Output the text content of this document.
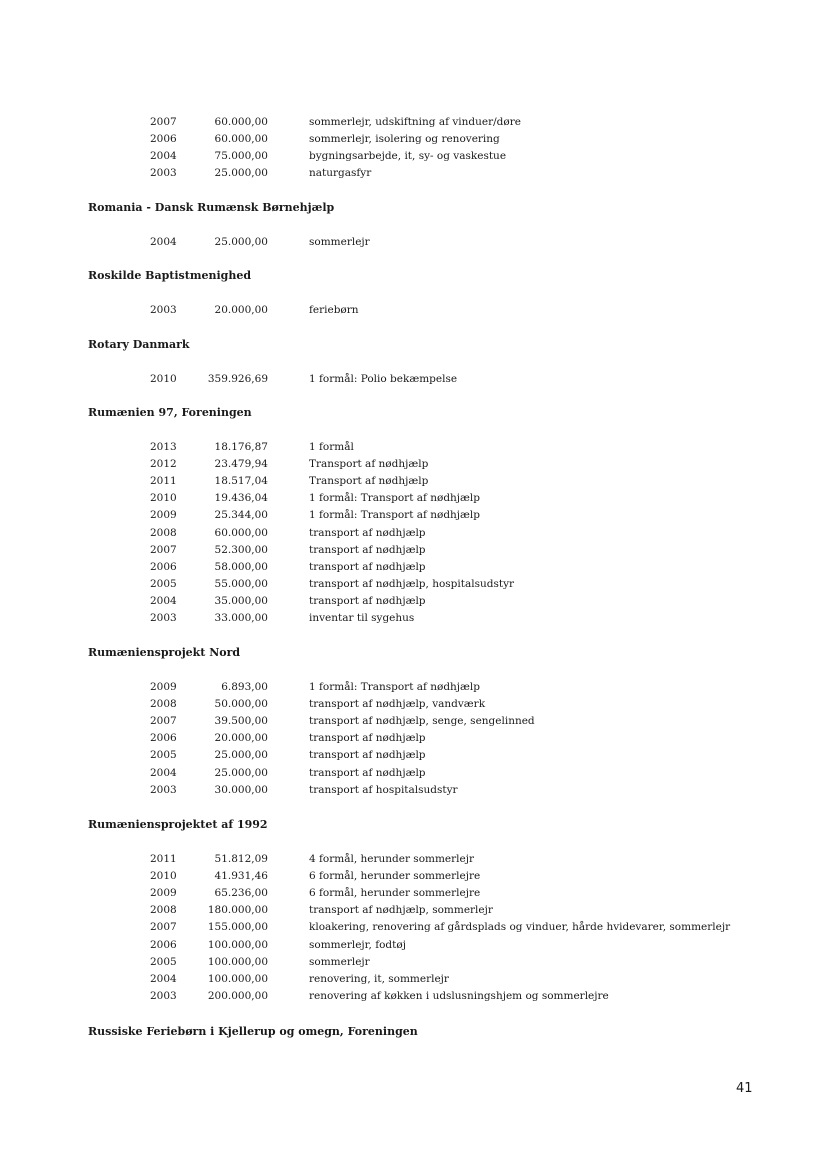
2007	60.000,00	sommerlejr, udskiftning af vinduer/døre
2006	60.000,00	sommerlejr, isolering og renovering
2004	75.000,00	bygningsarbejde, it, sy- og vaskestue
2003	25.000,00	naturgasfyr
Romania - Dansk Rumænsk Børnehjælp
2004	25.000,00	sommerlejr
Roskilde Baptistmenighed
2003	20.000,00	feriebørn
Rotary Danmark
2010	359.926,69	1 formål: Polio bekæmpelse
Rumænien 97, Foreningen
2013	18.176,87	1 formål
2012	23.479,94	Transport af nødhjælp
2011	18.517,04	Transport af nødhjælp
2010	19.436,04	1 formål: Transport af nødhjælp
2009	25.344,00	1 formål: Transport af nødhjælp
2008	60.000,00	transport af nødhjælp
2007	52.300,00	transport af nødhjælp
2006	58.000,00	transport af nødhjælp
2005	55.000,00	transport af nødhjælp, hospitalsudstyr
2004	35.000,00	transport af nødhjælp
2003	33.000,00	inventar til sygehus
Rumæniensprojekt Nord
2009	6.893,00	1 formål: Transport af nødhjælp
2008	50.000,00	transport af nødhjælp, vandværk
2007	39.500,00	transport af nødhjælp, senge, sengelinned
2006	20.000,00	transport af nødhjælp
2005	25.000,00	transport af nødhjælp
2004	25.000,00	transport af nødhjælp
2003	30.000,00	transport af hospitalsudstyr
Rumæniensprojektet af 1992
2011	51.812,09	4 formål, herunder sommerlejr
2010	41.931,46	6 formål, herunder sommerlejre
2009	65.236,00	6 formål, herunder sommerlejre
2008	180.000,00	transport af nødhjælp, sommerlejr
2007	155.000,00	kloakering, renovering af gårdsplads og vinduer, hårde hvidevarer, sommerlejr
2006	100.000,00	sommerlejr, fodtøj
2005	100.000,00	sommerlejr
2004	100.000,00	renovering, it, sommerlejr
2003	200.000,00	renovering af køkken i udslusningshjem og sommerlejre
Russiske Feriebørn i Kjellerup og omegn, Foreningen
41
